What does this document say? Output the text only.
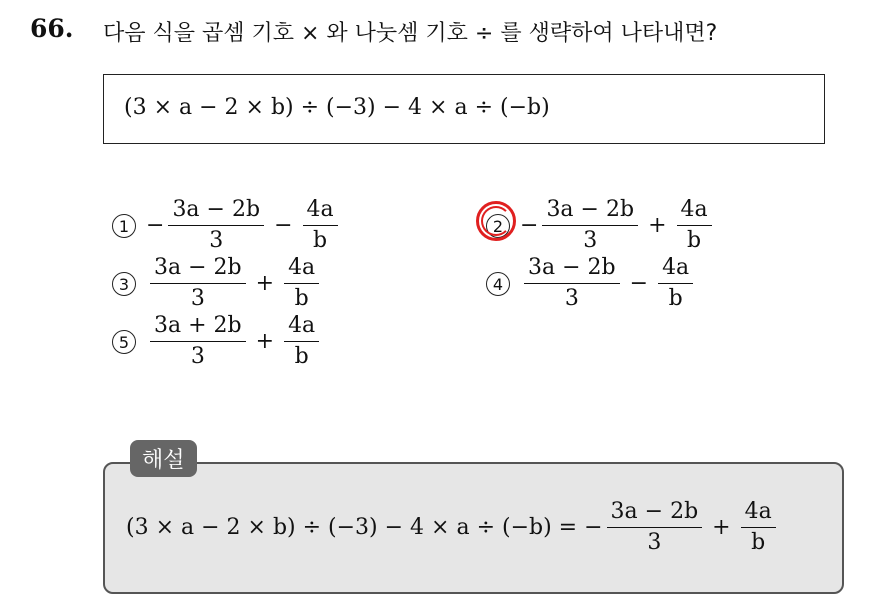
66. 다음 식을 곱셈 기호 × 와 나눗셈 기호 ÷ 를 생략하여 나타내면?
(3 × a − 2 × b) ÷ (−3) − 4 × a ÷ (−b)
$1 - \frac{3a - 2b}{3} - \frac{4a}{b}$	$2 - \frac{3a - 2b}{3} + \frac{4a}{b}$
$3 \frac{3a - 2b}{3} + \frac{4a}{b}$	$4 \frac{3a - 2b}{3} - \frac{4a}{b}$
$5 \frac{3a + 2b}{3} + \frac{4a}{b}$
해설
(3 × a − 2 × b) ÷ (−3) − 4 × a ÷ (−b) = − $\frac{3a - 2b}{3} + \frac{4a}{b}$
